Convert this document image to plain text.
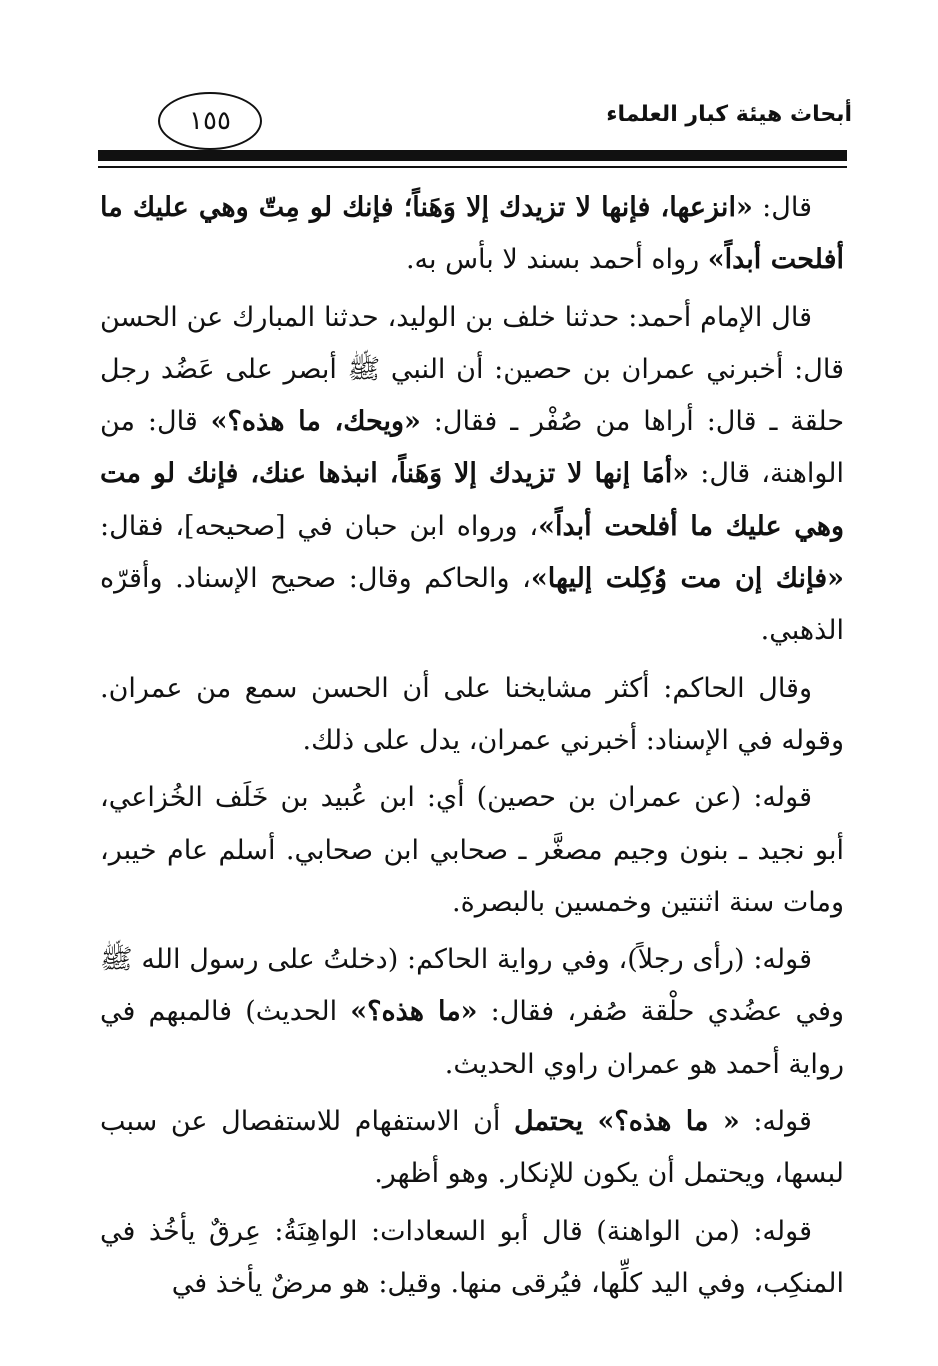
أبحاث هيئة كبار العلماء
١٥٥

قال: «انزعها، فإنها لا تزيدك إلا وَهَناً؛ فإنك لو مِتّ وهي عليك ما أفلحت أبداً» رواه أحمد بسند لا بأس به.

قال الإمام أحمد: حدثنا خلف بن الوليد، حدثنا المبارك عن الحسن قال: أخبرني عمران بن حصين: أن النبي ﷺ أبصر على عَضُد رجل حلقة ـ قال: أراها من صُفْر ـ فقال: «ويحك، ما هذه؟» قال: من الواهنة، قال: «أمَا إنها لا تزيدك إلا وَهَناً، انبذها عنك، فإنك لو مت وهي عليك ما أفلحت أبداً»، ورواه ابن حبان في [صحيحه]، فقال: «فإنك إن مت وُكِلت إليها»، والحاكم وقال: صحيح الإسناد. وأقرّه الذهبي.

وقال الحاكم: أكثر مشايخنا على أن الحسن سمع من عمران. وقوله في الإسناد: أخبرني عمران، يدل على ذلك.

قوله: (عن عمران بن حصين) أي: ابن عُبيد بن خَلَف الخُزاعي، أبو نجيد ـ بنون وجيم مصغَّر ـ صحابي ابن صحابي. أسلم عام خيبر، ومات سنة اثنتين وخمسين بالبصرة.

قوله: (رأى رجلاً)، وفي رواية الحاكم: (دخلتُ على رسول الله ﷺ وفي عضُدي حلْقة صُفر، فقال: «ما هذه؟» الحديث) فالمبهم في رواية أحمد هو عمران راوي الحديث.

قوله: « ما هذه؟» يحتمل أن الاستفهام للاستفصال عن سبب لبسها، ويحتمل أن يكون للإنكار. وهو أظهر.

قوله: (من الواهنة) قال أبو السعادات: الواهِنَةُ: عِرقٌ يأخُذ في المنكِب، وفي اليد كلِّها، فيُرقى منها. وقيل: هو مرضٌ يأخذ في
